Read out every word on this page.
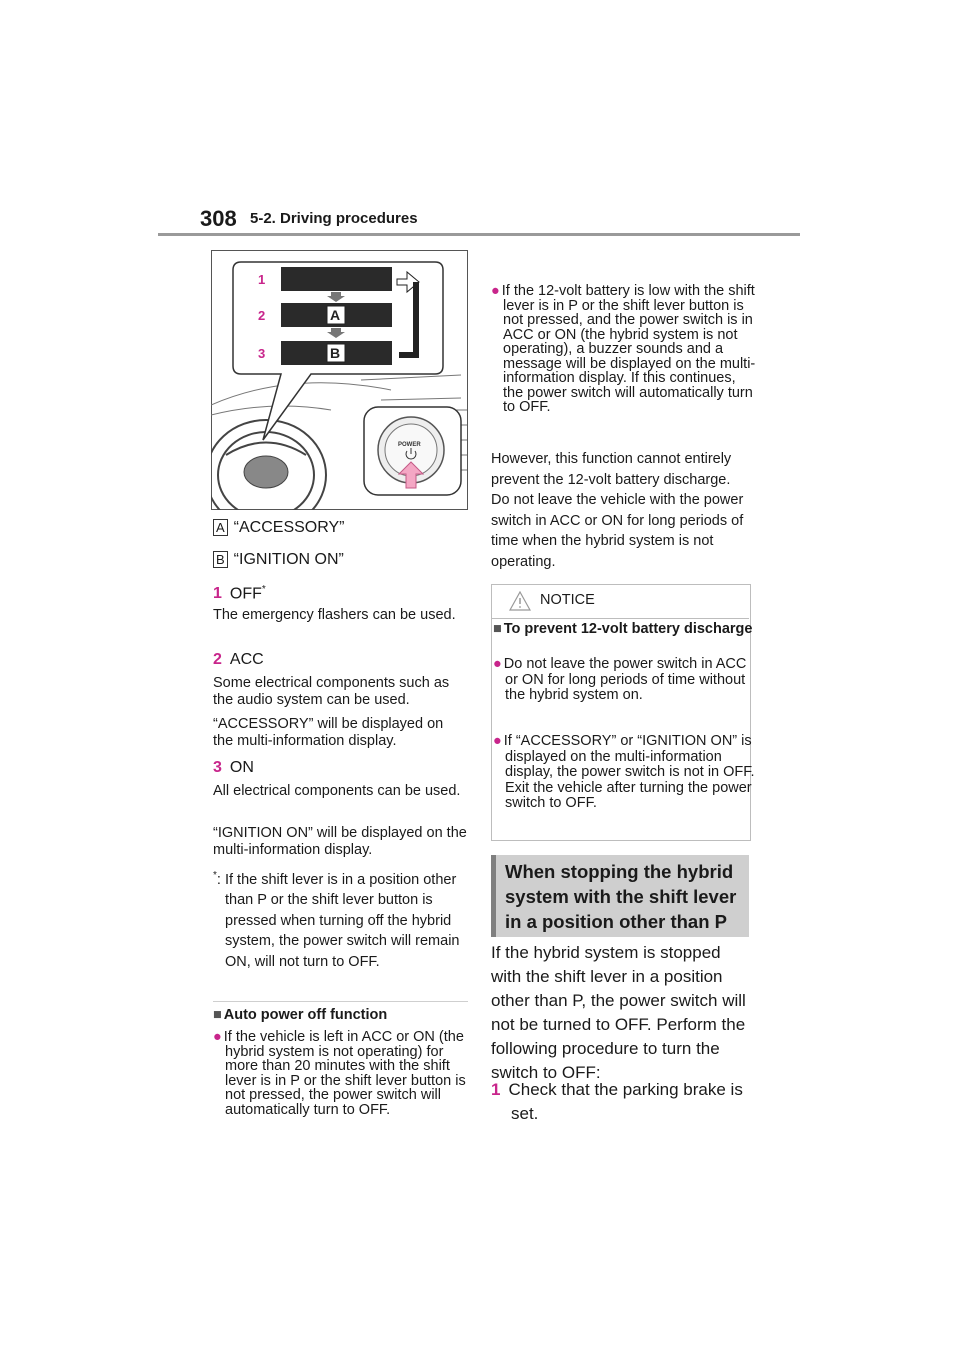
308 5-2. Driving procedures
1
2
3
A
B
POWER
A “ACCESSORY”
B “IGNITION ON”
1 OFF*
The emergency flashers can be used.
2 ACC
Some electrical components such as the audio system can be used.
“ACCESSORY” will be displayed on the multi-information display.
3 ON
All electrical components can be used.
“IGNITION ON” will be displayed on the multi-information display.
*: If the shift lever is in a position other than P or the shift lever button is pressed when turning off the hybrid system, the power switch will remain ON, will not turn to OFF.
■ Auto power off function
● If the vehicle is left in ACC or ON (the hybrid system is not operating) for more than 20 minutes with the shift lever is in P or the shift lever button is not pressed, the power switch will automatically turn to OFF.
● If the 12-volt battery is low with the shift lever is in P or the shift lever button is not pressed, and the power switch is in ACC or ON (the hybrid system is not operating), a buzzer sounds and a message will be displayed on the multi-information display. If this continues, the power switch will automatically turn to OFF.
However, this function cannot entirely prevent the 12-volt battery discharge. Do not leave the vehicle with the power switch in ACC or ON for long periods of time when the hybrid system is not operating.
NOTICE
■ To prevent 12-volt battery discharge
● Do not leave the power switch in ACC or ON for long periods of time without the hybrid system on.
● If “ACCESSORY” or “IGNITION ON” is displayed on the multi-information display, the power switch is not in OFF. Exit the vehicle after turning the power switch to OFF.
When stopping the hybrid system with the shift lever in a position other than P
If the hybrid system is stopped with the shift lever in a position other than P, the power switch will not be turned to OFF. Perform the following procedure to turn the switch to OFF:
1 Check that the parking brake is set.
